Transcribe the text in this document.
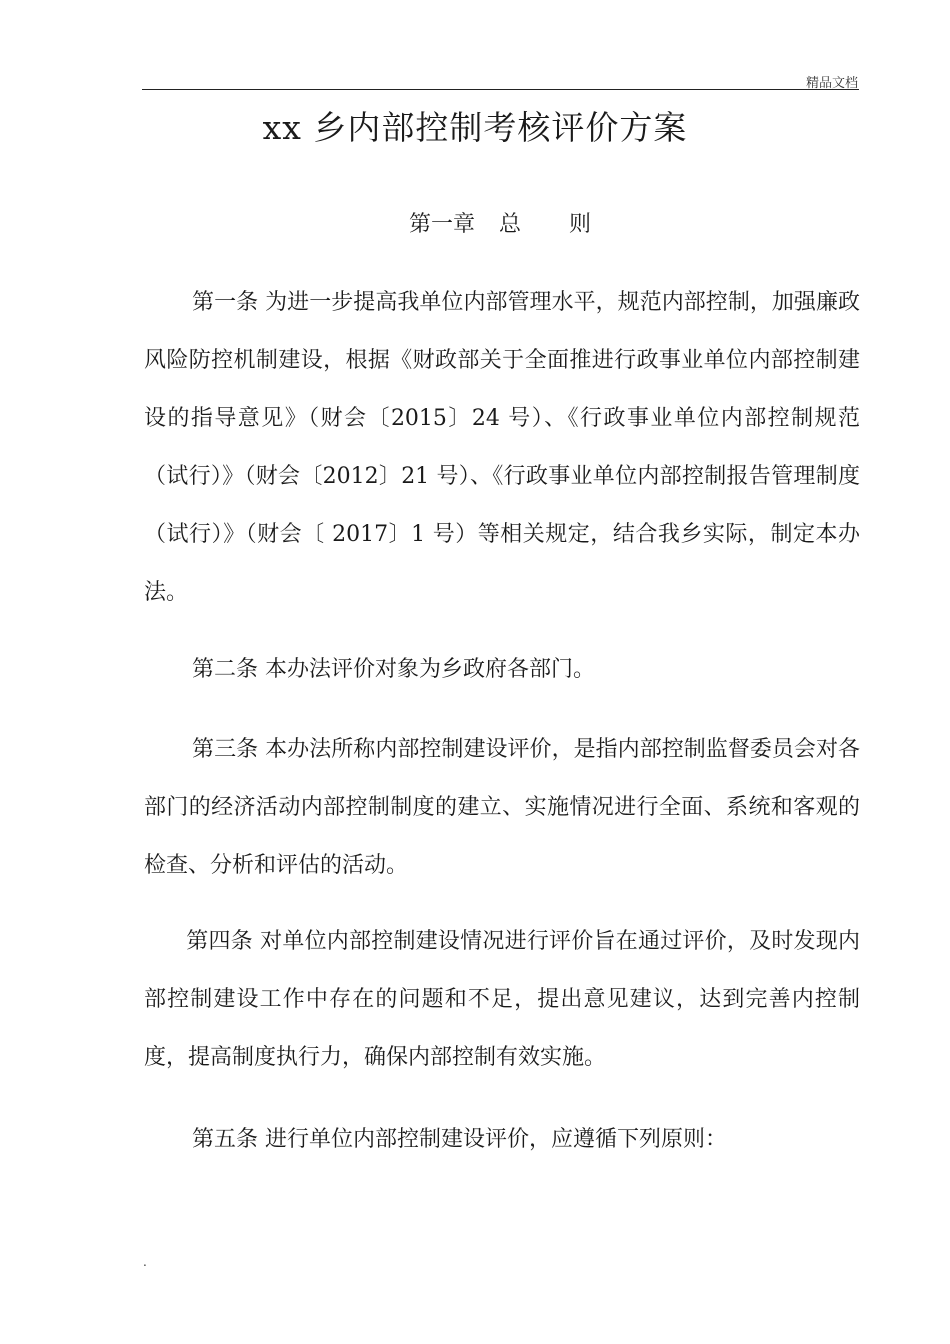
精品文档
xx 乡内部控制考核评价方案
第一章 总 则

第一条 为进一步提高我单位内部管理水平，规范内部控制，加强廉政风险防控机制建设，根据《财政部关于全面推进行政事业单位内部控制建设的指导意见》（财会〔2015〕24 号）、《行政事业单位内部控制规范（试行）》（财会〔2012〕21 号）、《行政事业单位内部控制报告管理制度（试行）》（财会〔 2017〕1 号）等相关规定，结合我乡实际，制定本办法。

第二条 本办法评价对象为乡政府各部门。

第三条 本办法所称内部控制建设评价，是指内部控制监督委员会对各部门的经济活动内部控制制度的建立、实施情况进行全面、系统和客观的检查、分析和评估的活动。

第四条 对单位内部控制建设情况进行评价旨在通过评价，及时发现内部控制建设工作中存在的问题和不足，提出意见建议，达到完善内控制度，提高制度执行力，确保内部控制有效实施。

第五条 进行单位内部控制建设评价，应遵循下列原则：

.
